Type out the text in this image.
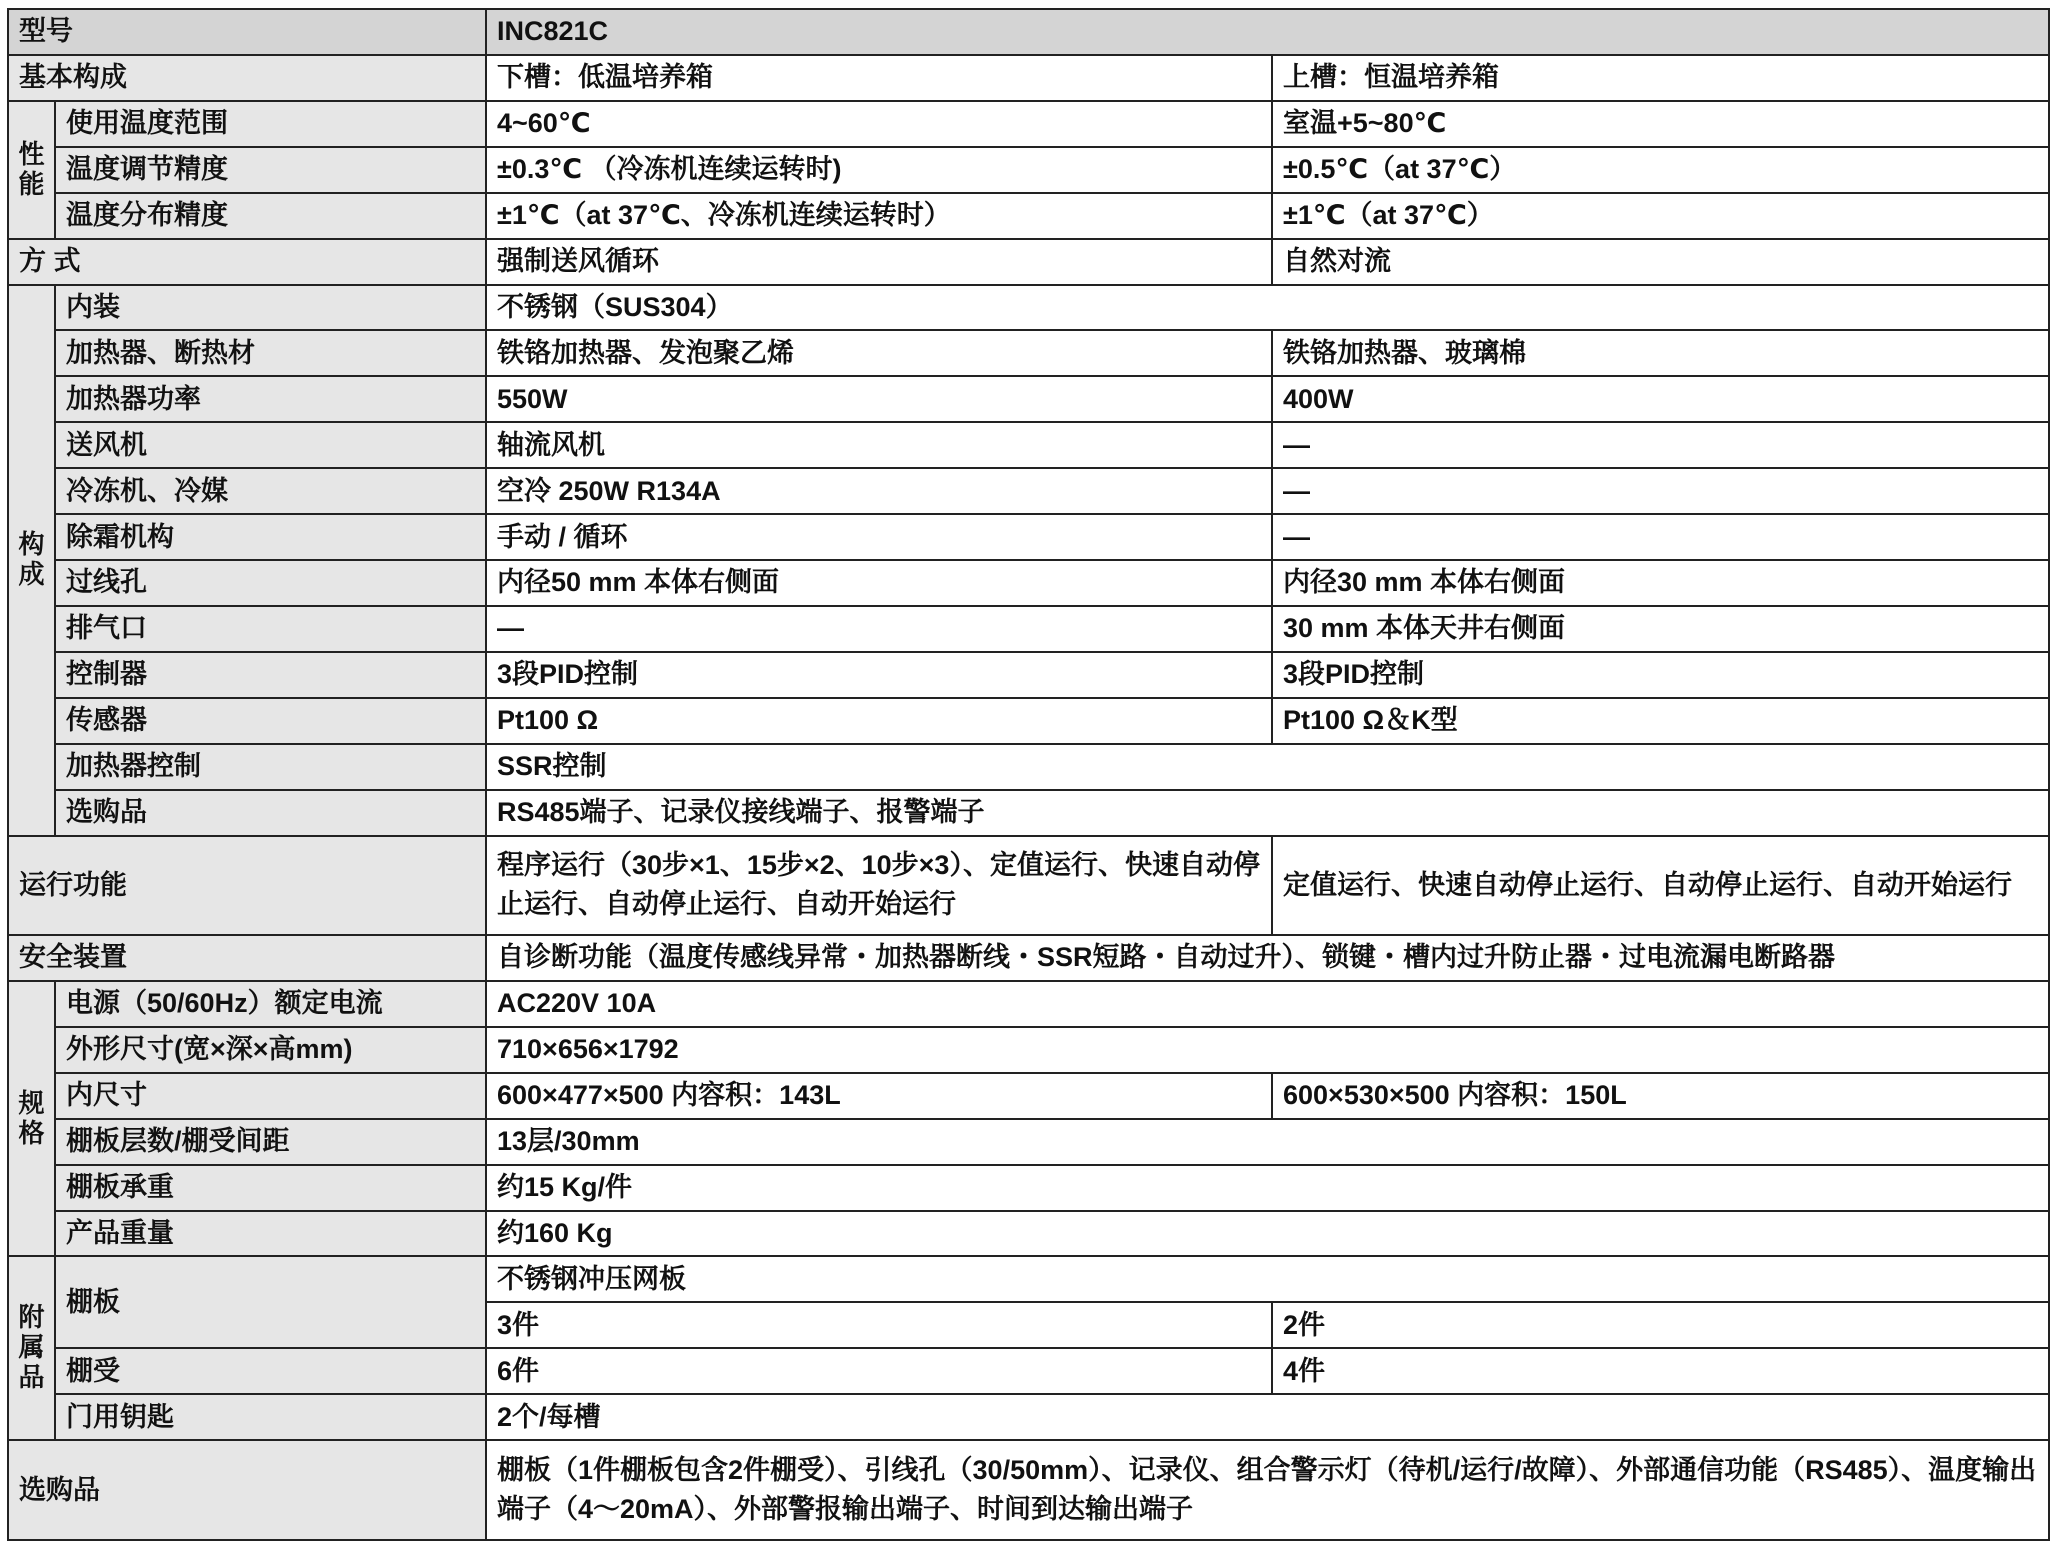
型号		INC821C	
基本构成		下槽：低温培养箱	上槽：恒温培养箱
性能	使用温度范围	4~60℃	室温+5~80℃
	温度调节精度	±0.3℃ （冷冻机连续运转时)	±0.5℃（at 37℃）
	温度分布精度	±1℃（at 37℃、冷冻机连续运转时）	±1℃（at 37℃）
方 式		强制送风循环	自然对流
构成	内装	不锈钢（SUS304）	
	加热器、断热材	铁铬加热器、发泡聚乙烯	铁铬加热器、玻璃棉
	加热器功率	550W	400W
	送风机	轴流风机	—
	冷冻机、冷媒	空冷 250W R134A	—
	除霜机构	手动 / 循环	—
	过线孔	内径50 mm 本体右侧面	内径30 mm 本体右侧面
	排气口	—	30 mm 本体天井右侧面
	控制器	3段PID控制	3段PID控制
	传感器	Pt100 Ω	Pt100 Ω＆K型
	加热器控制	SSR控制	
	选购品	RS485端子、记录仪接线端子、报警端子	
运行功能		程序运行（30步×1、15步×2、10步×3）、定值运行、快速自动停止运行、自动停止运行、自动开始运行	定值运行、快速自动停止运行、自动停止运行、自动开始运行
安全装置		自诊断功能（温度传感线异常・加热器断线・SSR短路・自动过升）、锁键・槽内过升防止器・过电流漏电断路器	
规格	电源（50/60Hz）额定电流	AC220V 10A	
	外形尺寸(宽×深×高mm)	710×656×1792	
	内尺寸	600×477×500 内容积：143L	600×530×500 内容积：150L
	棚板层数/棚受间距	13层/30mm	
	棚板承重	约15 Kg/件	
	产品重量	约160 Kg	
附属品	棚板	不锈钢冲压网板	
		3件	2件
	棚受	6件	4件
	门用钥匙	2个/每槽	
选购品		棚板（1件棚板包含2件棚受）、引线孔（30/50mm）、记录仪、组合警示灯（待机/运行/故障）、外部通信功能（RS485）、温度输出端子（4～20mA）、外部警报输出端子、时间到达输出端子	
